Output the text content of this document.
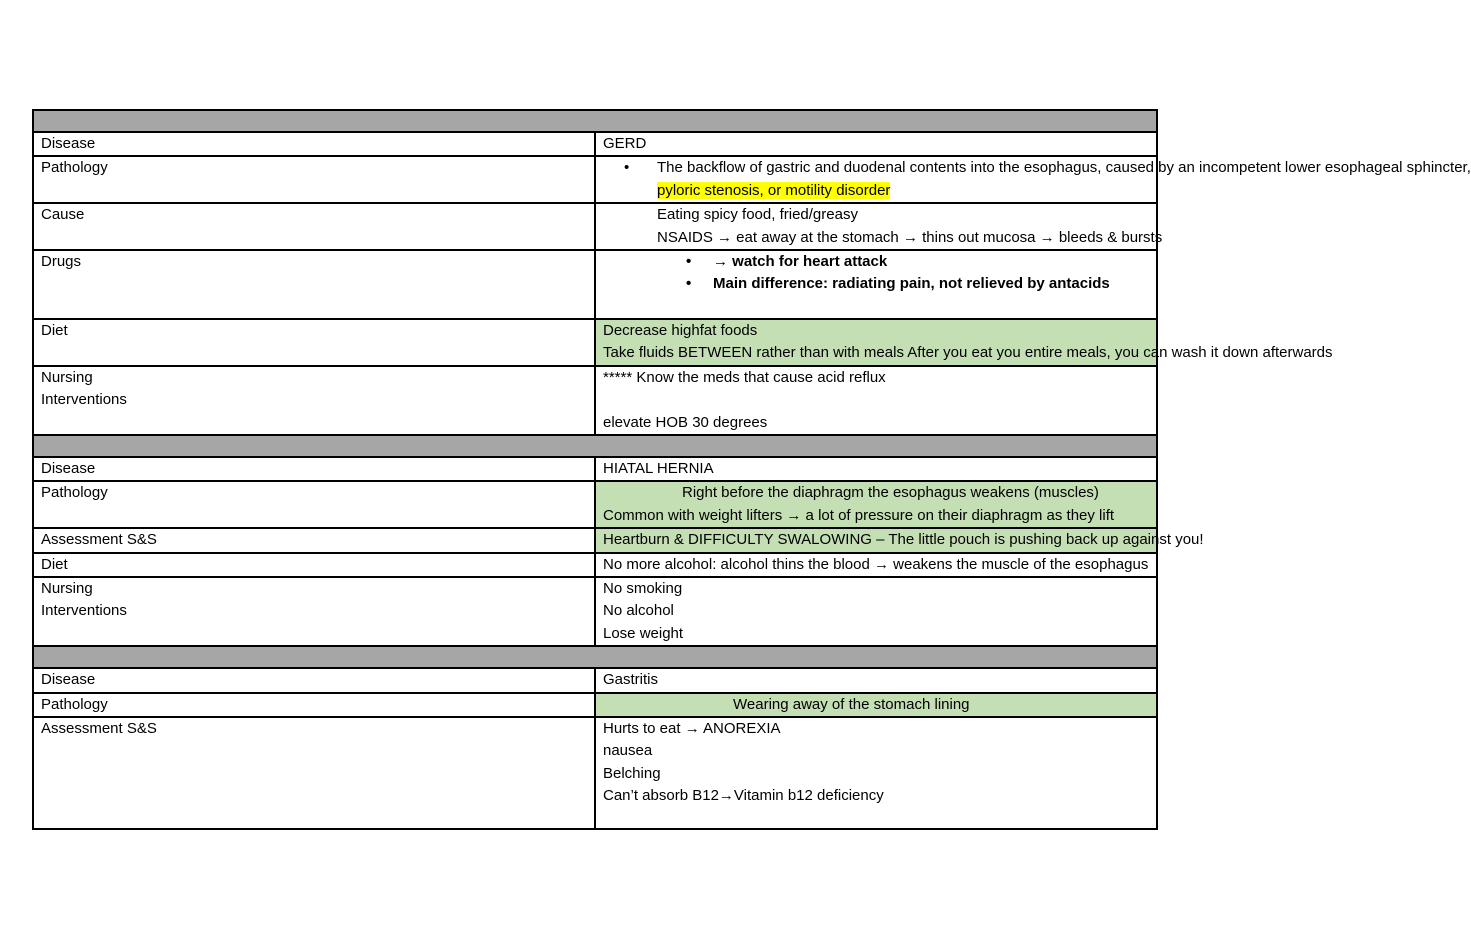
Disease	GERD
Pathology	• The backflow of gastric and duodenal contents into the esophagus, caused by an incompetent lower esophageal sphincter,
pyloric stenosis, or motility disorder

Cause	Eating spicy food, fried/greasy
NSAIDS → eat away at the stomach → thins out mucosa → bleeds & bursts

Drugs	• → watch for heart attack
• Main difference: radiating pain, not relieved by antacids

Diet	Decrease highfat foods
Take fluids BETWEEN rather than with meals After you eat you entire meals, you can wash it down afterwards

Nursing
Interventions	***** Know the meds that cause acid reflux
elevate HOB 30 degrees

Disease	HIATAL HERNIA
Pathology	Right before the diaphragm the esophagus weakens (muscles)
Common with weight lifters → a lot of pressure on their diaphragm as they lift

Assessment S&S	Heartburn & DIFFICULTY SWALOWING – The little pouch is pushing back up against you!
Diet	No more alcohol: alcohol thins the blood → weakens the muscle of the esophagus

Nursing
Interventions	No smoking
No alcohol
Lose weight

Disease	Gastritis
Pathology	Wearing away of the stomach lining

Assessment S&S	Hurts to eat → ANOREXIA
nausea
Belching
Can’t absorb B12→Vitamin b12 deficiency
